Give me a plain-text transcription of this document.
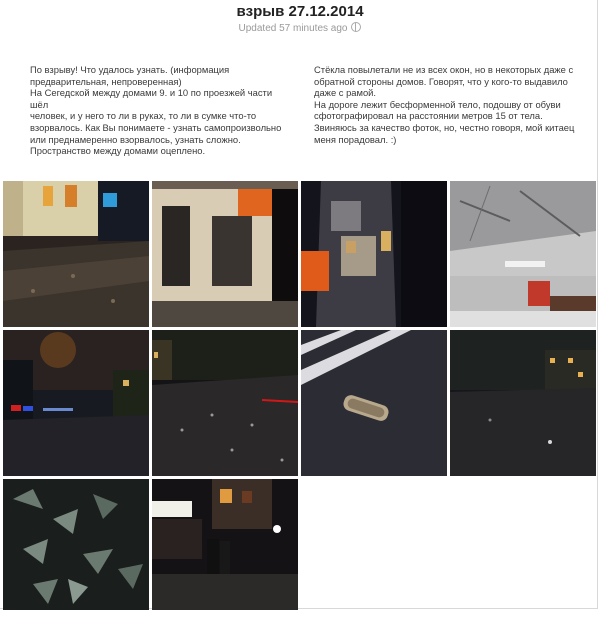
взрыв 27.12.2014
Updated 57 minutes ago

По взрыву! Что удалось узнать. (информация

предварительная, непроверенная)

На Сегедской между домами 9. и 10 по проезжей части шёл

человек, и у него то ли в руках, то ли в сумке что-то

взорвалось. Как Вы понимаете - узнать самопроизвольно

или преднамеренно взорвалось, узнать сложно.

Пространство между домами оцеплено.

Стёкла повылетали не из всех окон, но в некоторых даже с

обратной стороны домов. Говорят, что у кого-то выдавило

даже с рамой.

На дороге лежит бесформенной тело, подошву от обуви

сфотографировал на расстоянии метров 15 от тела.

Звиняюсь за качество фоток, но, честно говоря, мой китаец

меня порадовал. :)
